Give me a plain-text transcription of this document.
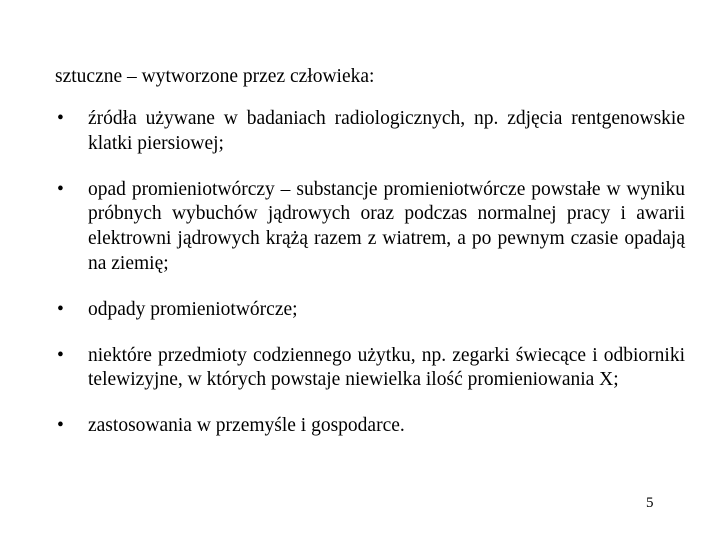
sztuczne – wytworzone przez człowieka:
• źródła używane w badaniach radiologicznych, np. zdjęcia rentgenowskie klatki piersiowej;
• opad promieniotwórczy – substancje promieniotwórcze powstałe w wyniku próbnych wybuchów jądrowych oraz podczas normalnej pracy i awarii elektrowni jądrowych krążą razem z wiatrem, a po pewnym czasie opadają na ziemię;
• odpady promieniotwórcze;
• niektóre przedmioty codziennego użytku, np. zegarki świecące i odbiorniki telewizyjne, w których powstaje niewielka ilość promieniowania X;
• zastosowania w przemyśle i gospodarce.
5
